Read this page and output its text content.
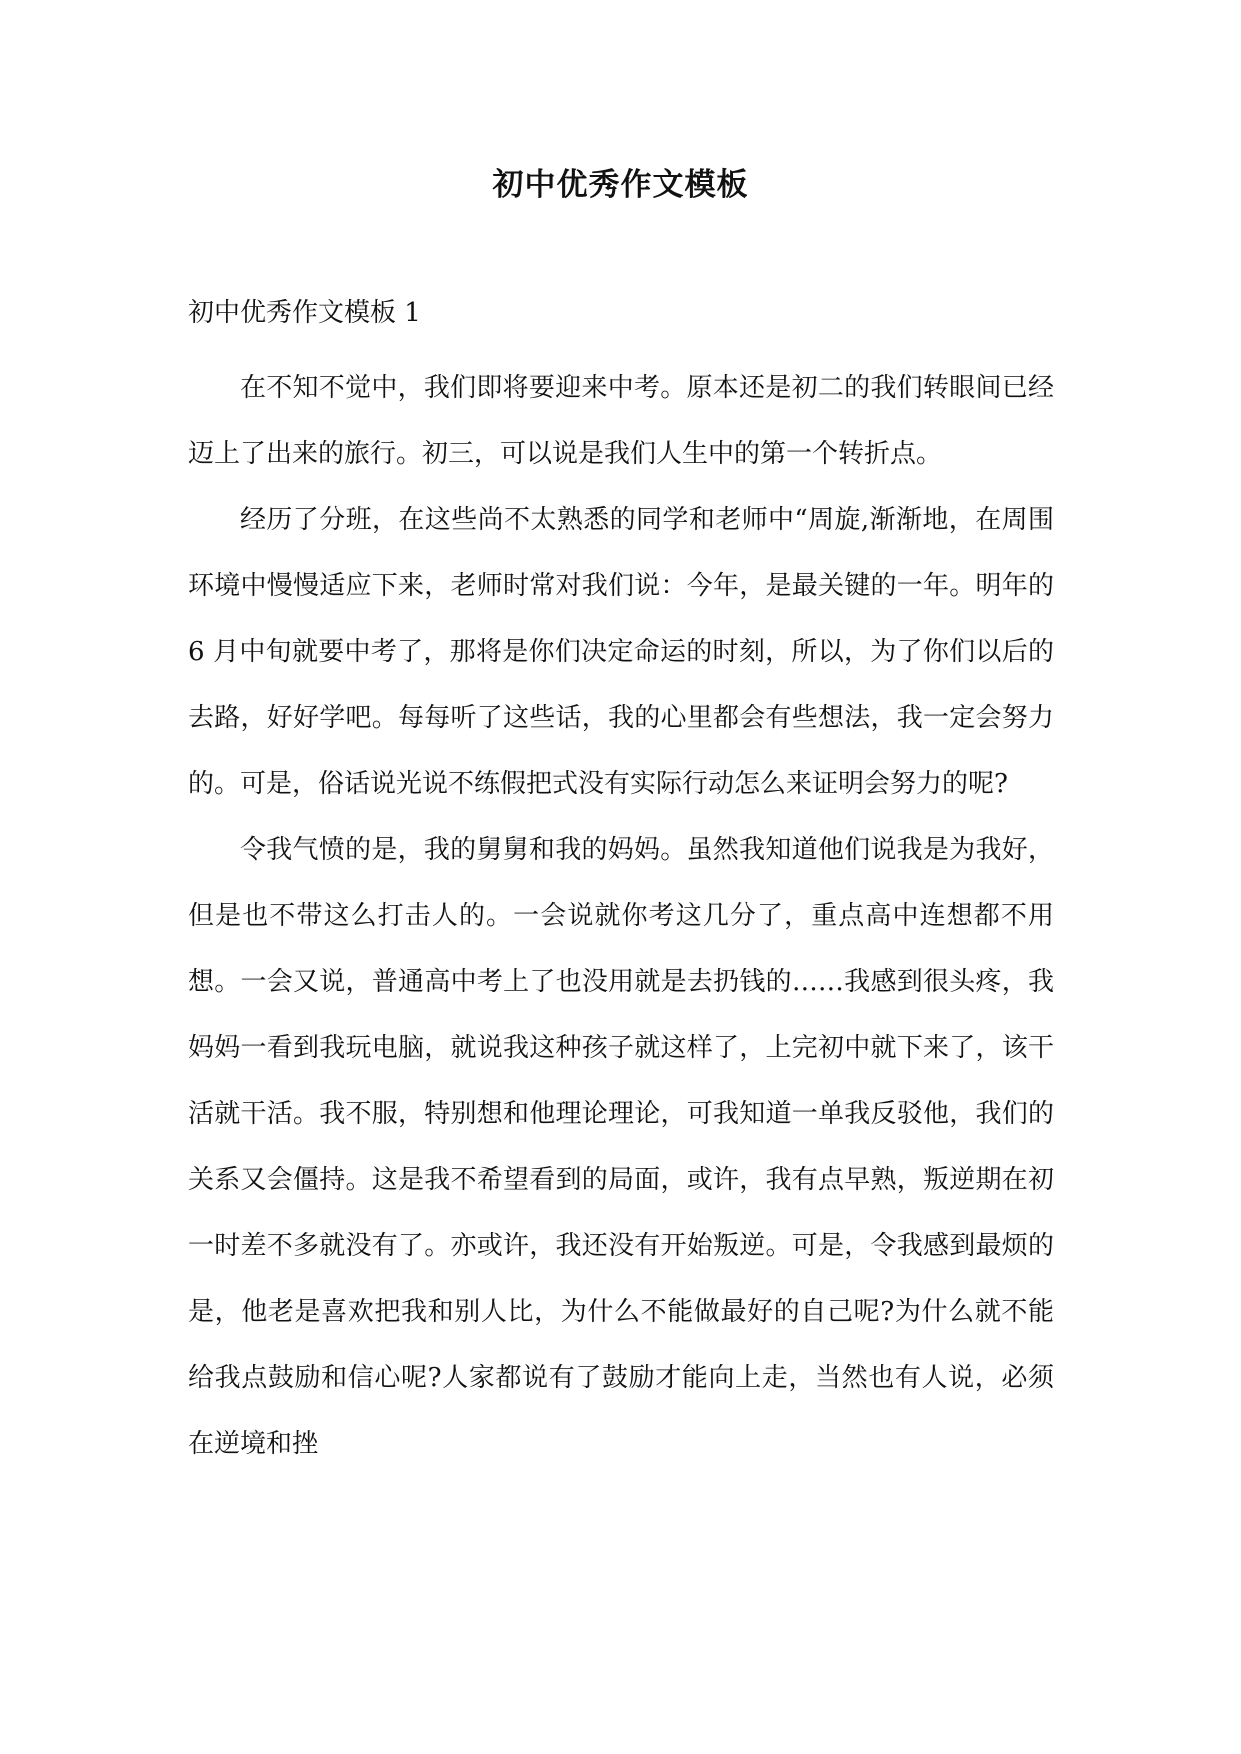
初中优秀作文模板
初中优秀作文模板 1

在不知不觉中，我们即将要迎来中考。原本还是初二的我们转眼间已经迈上了出来的旅行。初三，可以说是我们人生中的第一个转折点。

经历了分班，在这些尚不太熟悉的同学和老师中“周旋,渐渐地，在周围环境中慢慢适应下来，老师时常对我们说：今年，是最关键的一年。明年的 6 月中旬就要中考了，那将是你们决定命运的时刻，所以，为了你们以后的去路，好好学吧。每每听了这些话，我的心里都会有些想法，我一定会努力的。可是，俗话说光说不练假把式没有实际行动怎么来证明会努力的呢?

令我气愤的是，我的舅舅和我的妈妈。虽然我知道他们说我是为我好，但是也不带这么打击人的。一会说就你考这几分了，重点高中连想都不用想。一会又说，普通高中考上了也没用就是去扔钱的……我感到很头疼，我妈妈一看到我玩电脑，就说我这种孩子就这样了，上完初中就下来了，该干活就干活。我不服，特别想和他理论理论，可我知道一单我反驳他，我们的关系又会僵持。这是我不希望看到的局面，或许，我有点早熟，叛逆期在初一时差不多就没有了。亦或许，我还没有开始叛逆。可是，令我感到最烦的是，他老是喜欢把我和别人比，为什么不能做最好的自己呢?为什么就不能给我点鼓励和信心呢?人家都说有了鼓励才能向上走，当然也有人说，必须在逆境和挫
